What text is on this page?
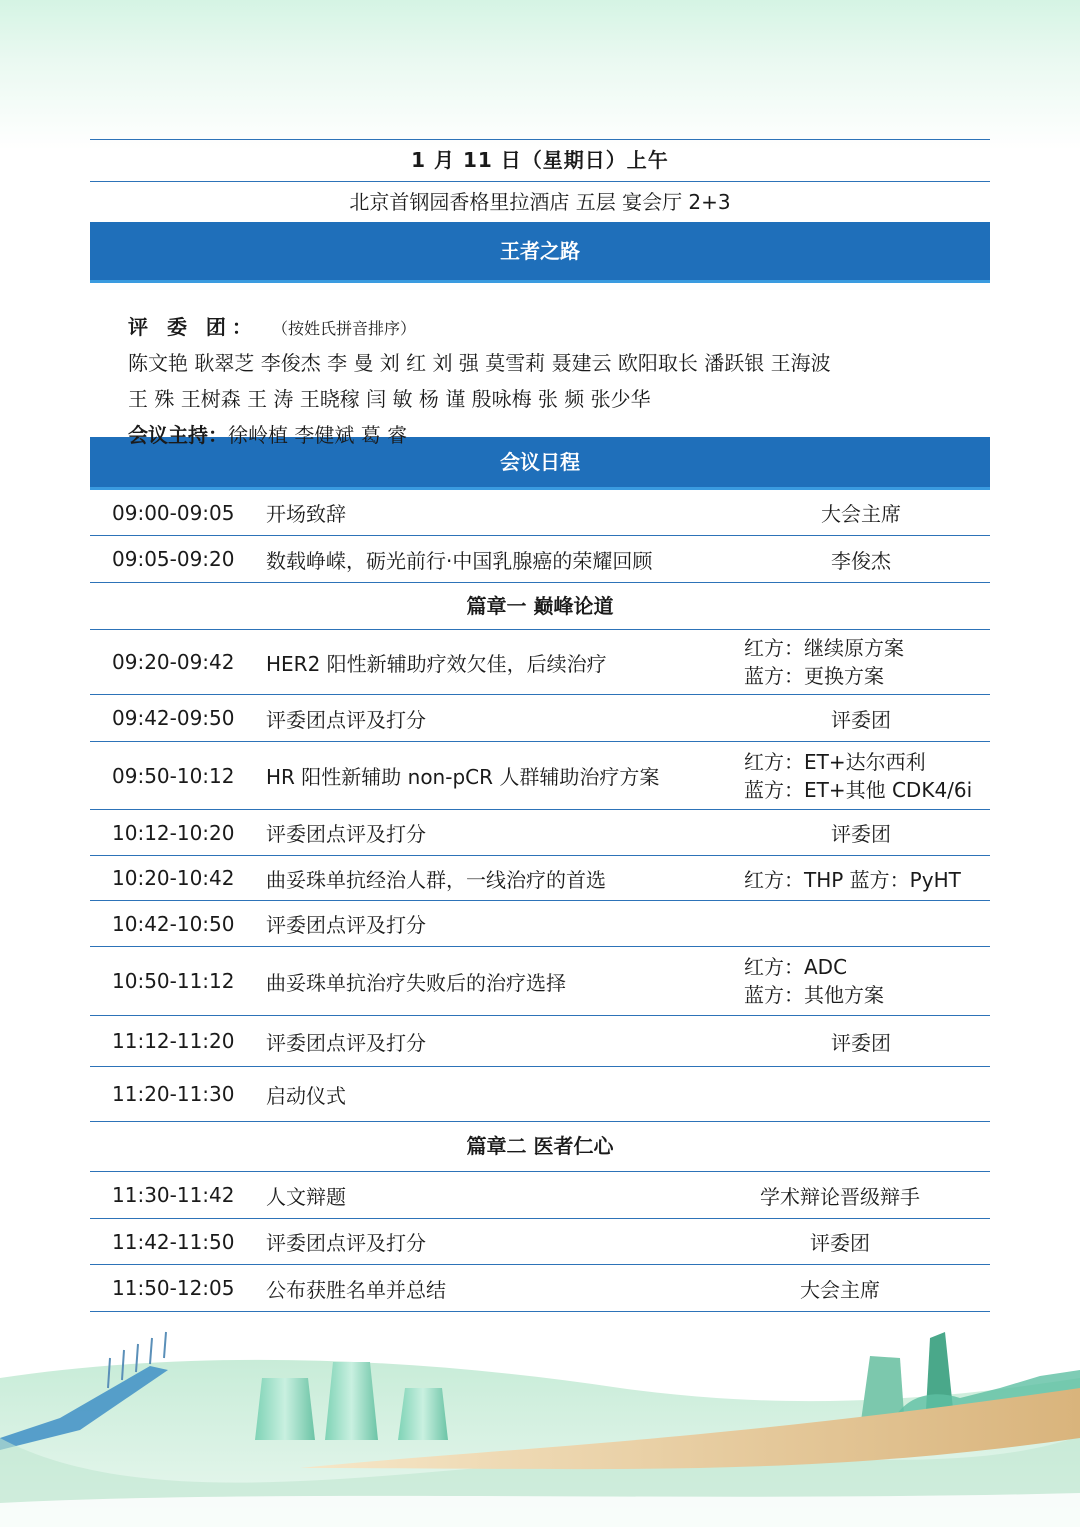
1 月 11 日（星期日）上午
北京首钢园香格里拉酒店 五层 宴会厅 2+3
王者之路
评 委 团： （按姓氏拼音排序）
陈文艳 耿翠芝 李俊杰 李 曼 刘 红 刘 强 莫雪莉 聂建云 欧阳取长 潘跃银 王海波
王 殊 王树森 王 涛 王晓稼 闫 敏 杨 谨 殷咏梅 张 频 张少华
会议主持：徐岭植 李健斌 葛 睿
会议日程
09:00-09:05	开场致辞	大会主席
09:05-09:20	数载峥嵘，砺光前行·中国乳腺癌的荣耀回顾	李俊杰
篇章一 巅峰论道
09:20-09:42	HER2 阳性新辅助疗效欠佳，后续治疗
红方：继续原方案
蓝方：更换方案
09:42-09:50	评委团点评及打分	评委团
09:50-10:12	HR 阳性新辅助 non-pCR 人群辅助治疗方案
红方：ET+达尔西利
蓝方：ET+其他 CDK4/6i
10:12-10:20	评委团点评及打分	评委团
10:20-10:42	曲妥珠单抗经治人群，一线治疗的首选	红方：THP 蓝方：PyHT
10:42-10:50	评委团点评及打分
10:50-11:12	曲妥珠单抗治疗失败后的治疗选择
红方：ADC
蓝方：其他方案
11:12-11:20	评委团点评及打分	评委团
11:20-11:30	启动仪式
篇章二 医者仁心
11:30-11:42	人文辩题	学术辩论晋级辩手
11:42-11:50	评委团点评及打分	评委团
11:50-12:05	公布获胜名单并总结	大会主席
